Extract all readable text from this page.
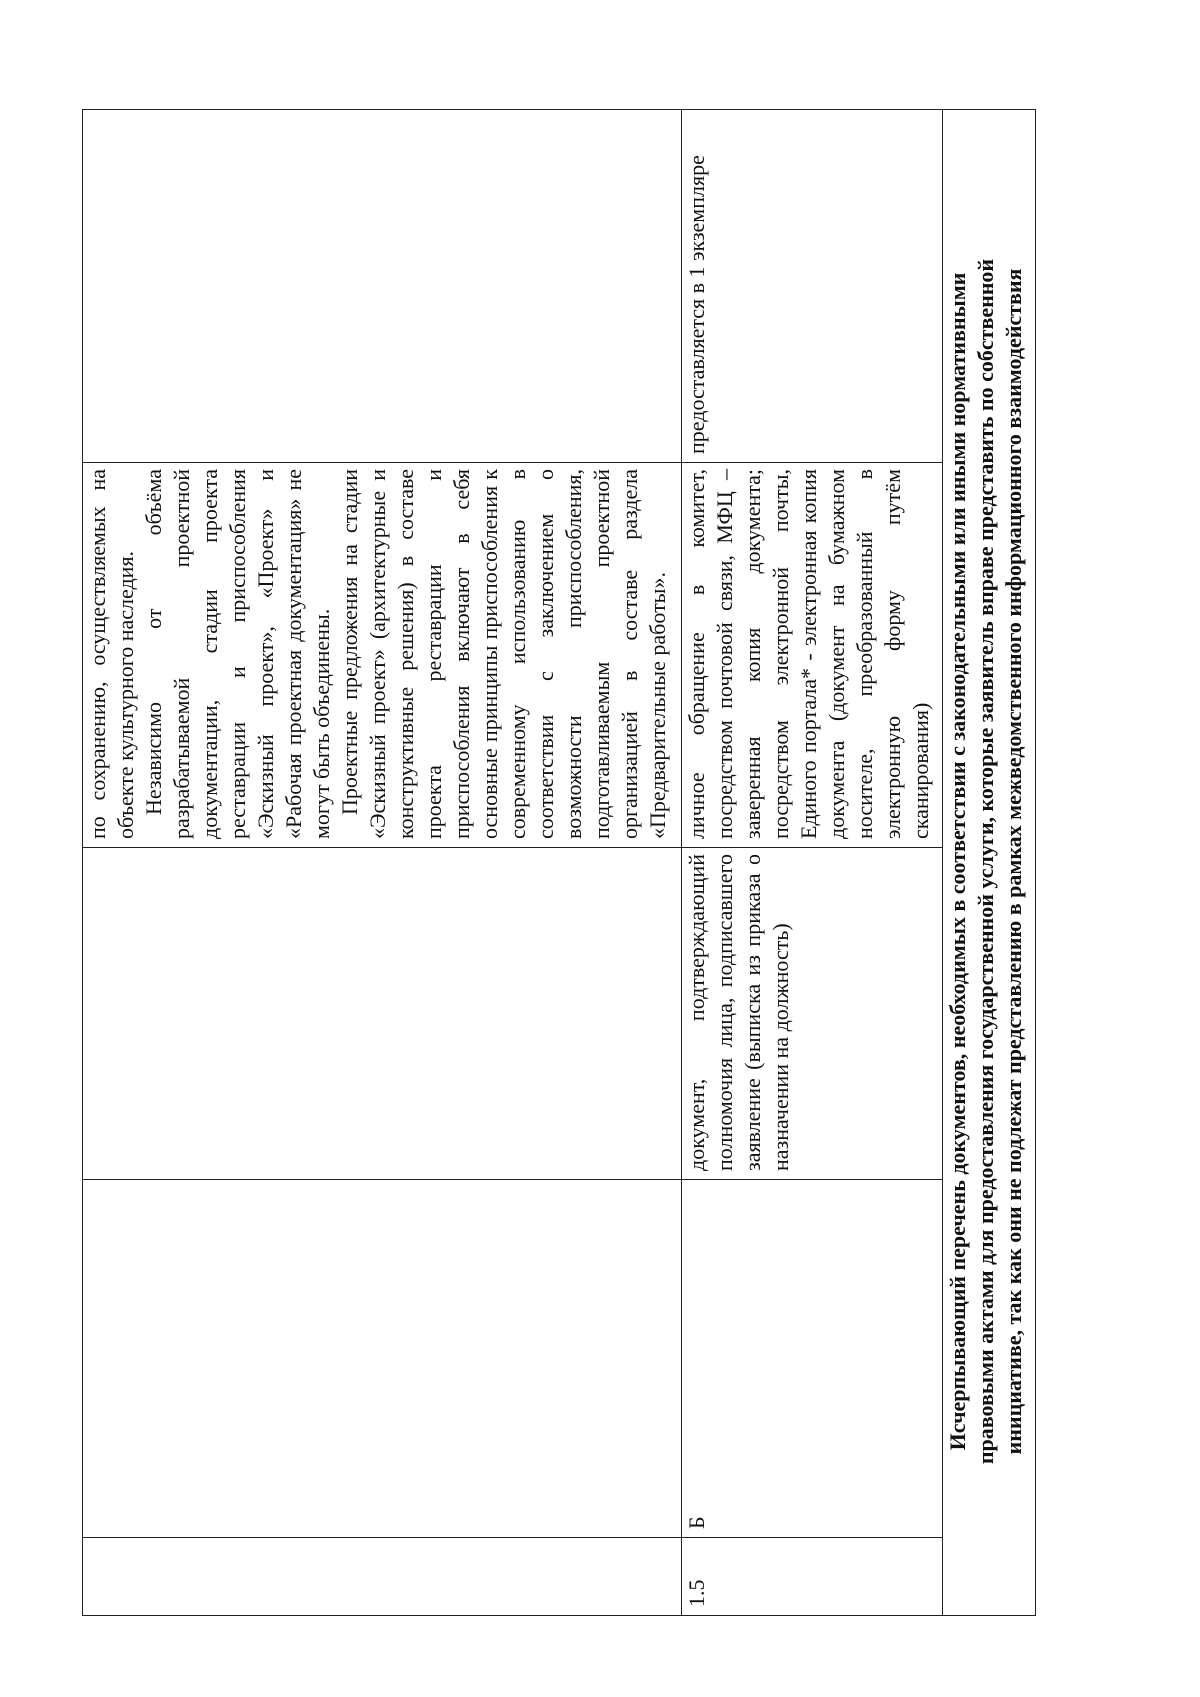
			по сохранению, осуществляемых на объекте культурного наследия. Независимо от объёма разрабатываемой проектной документации, стадии проекта реставрации и приспособления «Эскизный проект», «Проект» и «Рабочая проектная документация» не могут быть объединены. Проектные предложения на стадии «Эскизный проект» (архитектурные и конструктивные решения) в составе проекта реставрации и приспособления включают в себя основные принципы приспособления к современному использованию в соответствии с заключением о возможности приспособления, подготавливаемым проектной организацией в составе раздела «Предварительные работы».	

1.5	Б	документ, подтверждающий полномочия лица, подписавшего заявление (выписка из приказа о назначении на должность)	личное обращение в комитет, посредством почтовой связи, МФЦ – заверенная копия документа; посредством электронной почты, Единого портала* - электронная копия документа (документ на бумажном носителе, преобразованный в электронную форму путём сканирования)	предоставляется в 1 экземпляре

Исчерпывающий перечень документов, необходимых в соответствии с законодательными или иными нормативными правовыми актами для предоставления государственной услуги, которые заявитель вправе представить по собственной инициативе, так как они не подлежат представлению в рамках межведомственного информационного взаимодействия				
